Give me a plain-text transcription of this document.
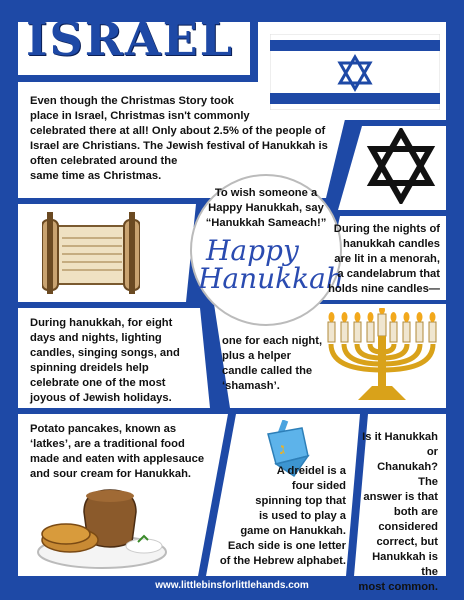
ISRAEL
Even though the Christmas Story took
place in Israel, Christmas isn't commonly
celebrated there at all! Only about 2.5% of the people of
Israel are Christians. The Jewish festival of Hanukkah is
often celebrated around the
same time as Christmas.
To wish someone a
Happy Hanukkah, say
“Hanukkah Sameach!”
Happy
Hanukkah
During the nights of
hanukkah candles
are lit in a menorah,
a candelabrum that
holds nine candles—
During hanukkah, for eight
days and nights, lighting
candles, singing songs, and
spinning dreidels help
celebrate one of the most
joyous of Jewish holidays.
one for each night,
plus a helper
candle called the
‘shamash’.
Potato pancakes, known as
‘latkes’, are a traditional food
made and eaten with applesauce
and sour cream for Hanukkah.
ג
A dreidel is a
four sided
spinning top that
is used to play a
game on Hanukkah.
Each side is one letter
of the Hebrew alphabet.
Is it Hanukkah or
Chanukah? The
answer is that
both are
considered
correct, but
Hanukkah is the
most common.
www.littlebinsforlittlehands.com
